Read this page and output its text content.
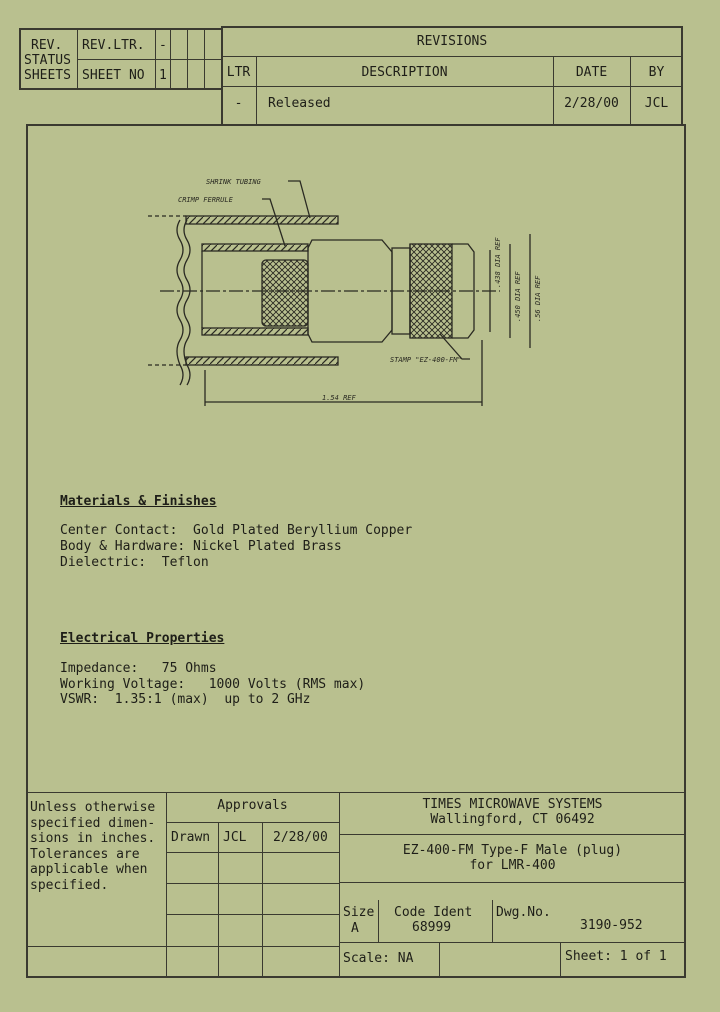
REV.
STATUS
SHEETS
REV.LTR. -
SHEET NO 1
REVISIONS
LTR	DESCRIPTION	DATE	BY
-	Released	2/28/00	JCL
SHRINK TUBING
CRIMP FERRULE
STAMP "EZ-400-FM"
1.54 REF
.438 DIA REF
.450 DIA REF .56 DIA REF
Materials & Finishes
Center Contact:  Gold Plated Beryllium Copper
Body & Hardware: Nickel Plated Brass
Dielectric:  Teflon
Electrical Properties
Impedance:   75 Ohms
Working Voltage:   1000 Volts (RMS max)
VSWR:  1.35:1 (max)  up to 2 GHz
Unless otherwise
specified dimen-
sions in inches.
Tolerances are
applicable when
specified.
Approvals
Drawn JCL 2/28/00
TIMES MICROWAVE SYSTEMS
Wallingford, CT 06492
EZ-400-FM Type-F Male (plug)
for LMR-400
Size
A
Code Ident
68999
Dwg.No.
3190-952
Scale: NA	Sheet: 1 of 1
